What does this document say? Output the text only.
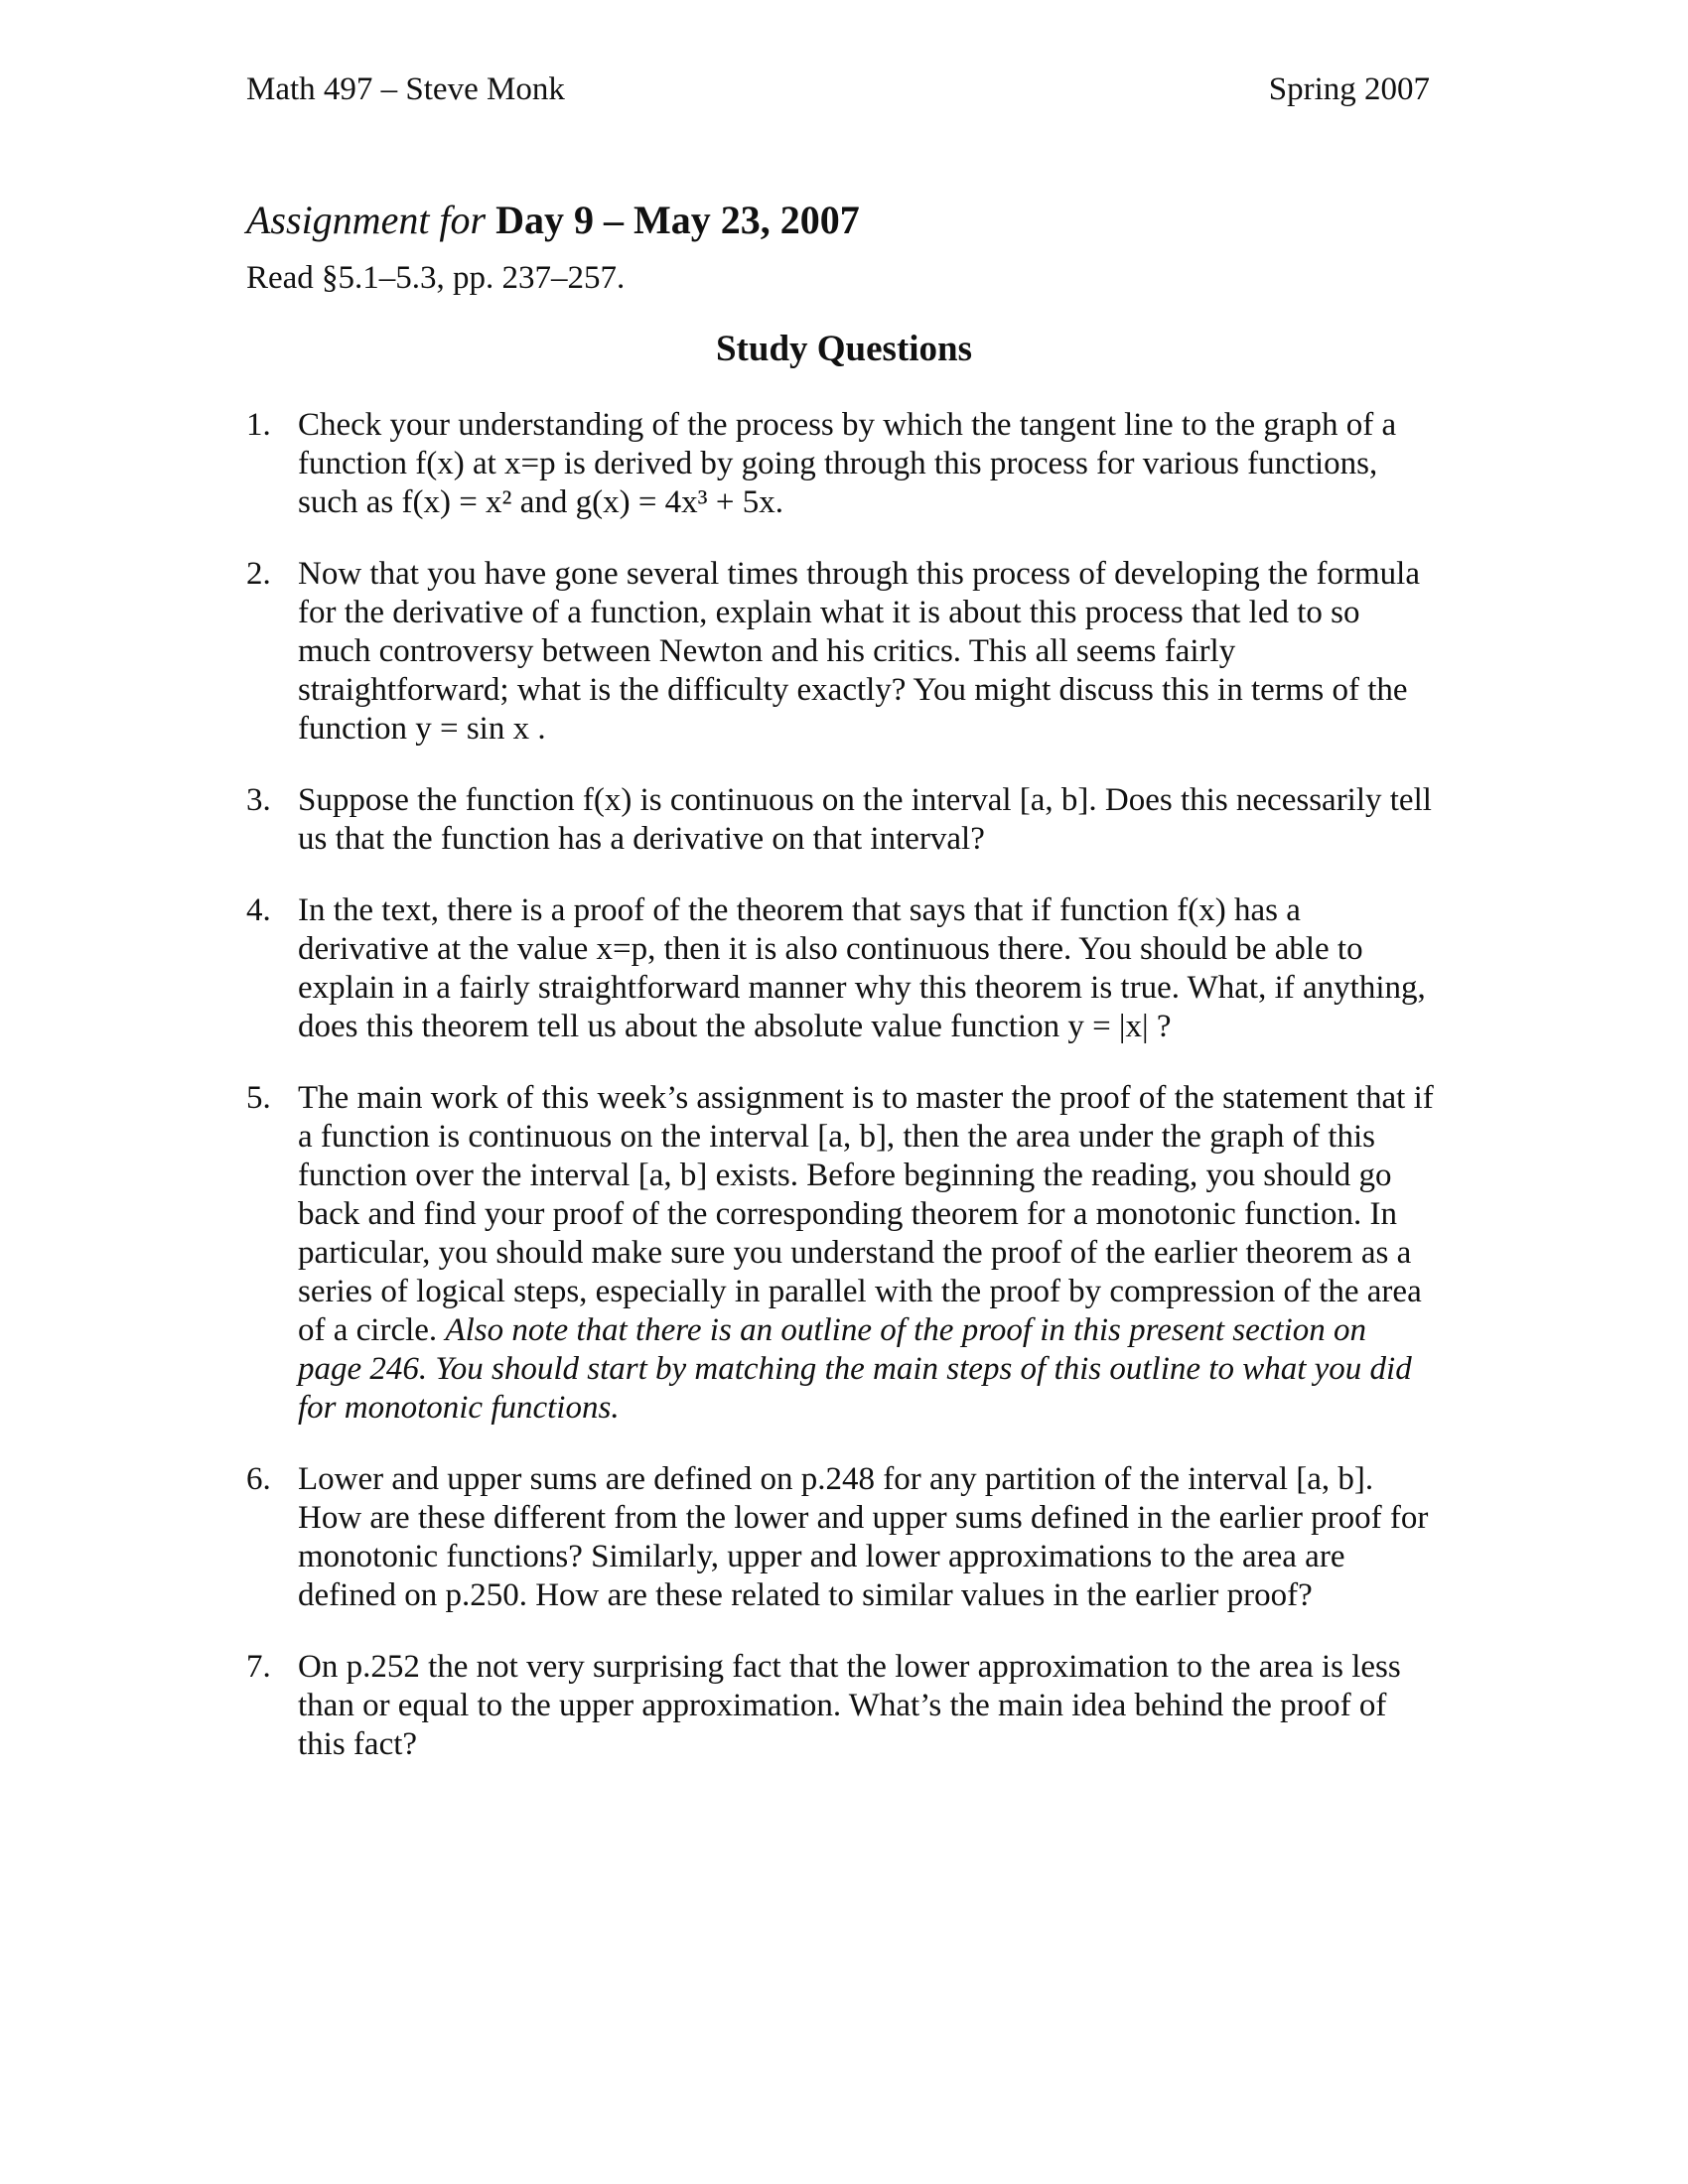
Math 497 – Steve Monk	Spring 2007
Assignment for Day 9 – May 23, 2007
Read §5.1–5.3, pp. 237–257.
Study Questions
1. Check your understanding of the process by which the tangent line to the graph of a function f(x) at x=p is derived by going through this process for various functions, such as f(x) = x² and g(x) = 4x³ + 5x.
2. Now that you have gone several times through this process of developing the formula for the derivative of a function, explain what it is about this process that led to so much controversy between Newton and his critics. This all seems fairly straightforward; what is the difficulty exactly? You might discuss this in terms of the function y = sin x .
3. Suppose the function f(x) is continuous on the interval [a, b]. Does this necessarily tell us that the function has a derivative on that interval?
4. In the text, there is a proof of the theorem that says that if function f(x) has a derivative at the value x=p, then it is also continuous there. You should be able to explain in a fairly straightforward manner why this theorem is true. What, if anything, does this theorem tell us about the absolute value function y = |x| ?
5. The main work of this week’s assignment is to master the proof of the statement that if a function is continuous on the interval [a, b], then the area under the graph of this function over the interval [a, b] exists. Before beginning the reading, you should go back and find your proof of the corresponding theorem for a monotonic function. In particular, you should make sure you understand the proof of the earlier theorem as a series of logical steps, especially in parallel with the proof by compression of the area of a circle. Also note that there is an outline of the proof in this present section on page 246. You should start by matching the main steps of this outline to what you did for monotonic functions.
6. Lower and upper sums are defined on p.248 for any partition of the interval [a, b]. How are these different from the lower and upper sums defined in the earlier proof for monotonic functions? Similarly, upper and lower approximations to the area are defined on p.250. How are these related to similar values in the earlier proof?
7. On p.252 the not very surprising fact that the lower approximation to the area is less than or equal to the upper approximation. What’s the main idea behind the proof of this fact?
